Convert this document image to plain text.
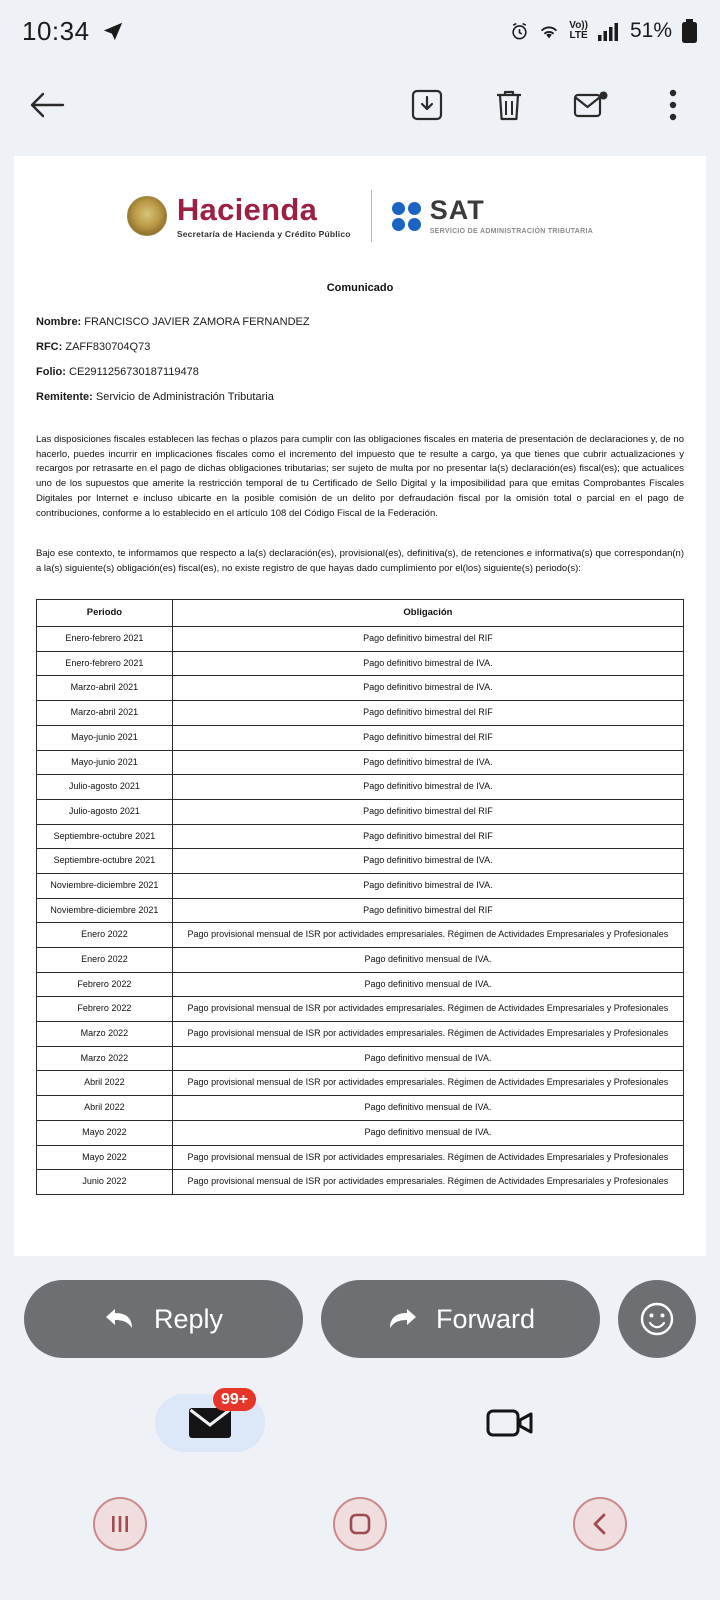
10:34	Vo))
LTE 51%
Hacienda
Secretaría de Hacienda y Crédito Público
SAT
SERVICIO DE ADMINISTRACIÓN TRIBUTARIA
Comunicado
Nombre: FRANCISCO JAVIER ZAMORA FERNANDEZ
RFC: ZAFF830704Q73
Folio: CE2911256730187119478
Remitente: Servicio de Administración Tributaria

Las disposiciones fiscales establecen las fechas o plazos para cumplir con las obligaciones fiscales en materia de presentación de declaraciones y, de no hacerlo, puedes incurrir en implicaciones fiscales como el incremento del impuesto que te resulte a cargo, ya que tienes que cubrir actualizaciones y recargos por retrasarte en el pago de dichas obligaciones tributarias; ser sujeto de multa por no presentar la(s) declaración(es) fiscal(es); que actualices uno de los supuestos que amerite la restricción temporal de tu Certificado de Sello Digital y la imposibilidad para que emitas Comprobantes Fiscales Digitales por Internet e incluso ubicarte en la posible comisión de un delito por defraudación fiscal por la omisión total o parcial en el pago de contribuciones, conforme a lo establecido en el artículo 108 del Código Fiscal de la Federación.

Bajo ese contexto, te informamos que respecto a la(s) declaración(es), provisional(es), definitiva(s), de retenciones e informativa(s) que correspondan(n) a la(s) siguiente(s) obligación(es) fiscal(es), no existe registro de que hayas dado cumplimiento por el(los) siguiente(s) periodo(s):

Periodo	Obligación
Enero-febrero 2021	Pago definitivo bimestral del RIF
Enero-febrero 2021	Pago definitivo bimestral de IVA.
Marzo-abril 2021	Pago definitivo bimestral de IVA.
Marzo-abril 2021	Pago definitivo bimestral del RIF
Mayo-junio 2021	Pago definitivo bimestral del RIF
Mayo-junio 2021	Pago definitivo bimestral de IVA.
Julio-agosto 2021	Pago definitivo bimestral de IVA.
Julio-agosto 2021	Pago definitivo bimestral del RIF
Septiembre-octubre 2021	Pago definitivo bimestral del RIF
Septiembre-octubre 2021	Pago definitivo bimestral de IVA.
Noviembre-diciembre 2021	Pago definitivo bimestral de IVA.
Noviembre-diciembre 2021	Pago definitivo bimestral del RIF
Enero 2022	Pago provisional mensual de ISR por actividades empresariales. Régimen de Actividades Empresariales y Profesionales
Enero 2022	Pago definitivo mensual de IVA.
Febrero 2022	Pago definitivo mensual de IVA.
Febrero 2022	Pago provisional mensual de ISR por actividades empresariales. Régimen de Actividades Empresariales y Profesionales
Marzo 2022	Pago provisional mensual de ISR por actividades empresariales. Régimen de Actividades Empresariales y Profesionales
Marzo 2022	Pago definitivo mensual de IVA.
Abril 2022	Pago provisional mensual de ISR por actividades empresariales. Régimen de Actividades Empresariales y Profesionales
Abril 2022	Pago definitivo mensual de IVA.
Mayo 2022	Pago definitivo mensual de IVA.
Mayo 2022	Pago provisional mensual de ISR por actividades empresariales. Régimen de Actividades Empresariales y Profesionales
Junio 2022	Pago provisional mensual de ISR por actividades empresariales. Régimen de Actividades Empresariales y Profesionales
Reply	Forward
99+
